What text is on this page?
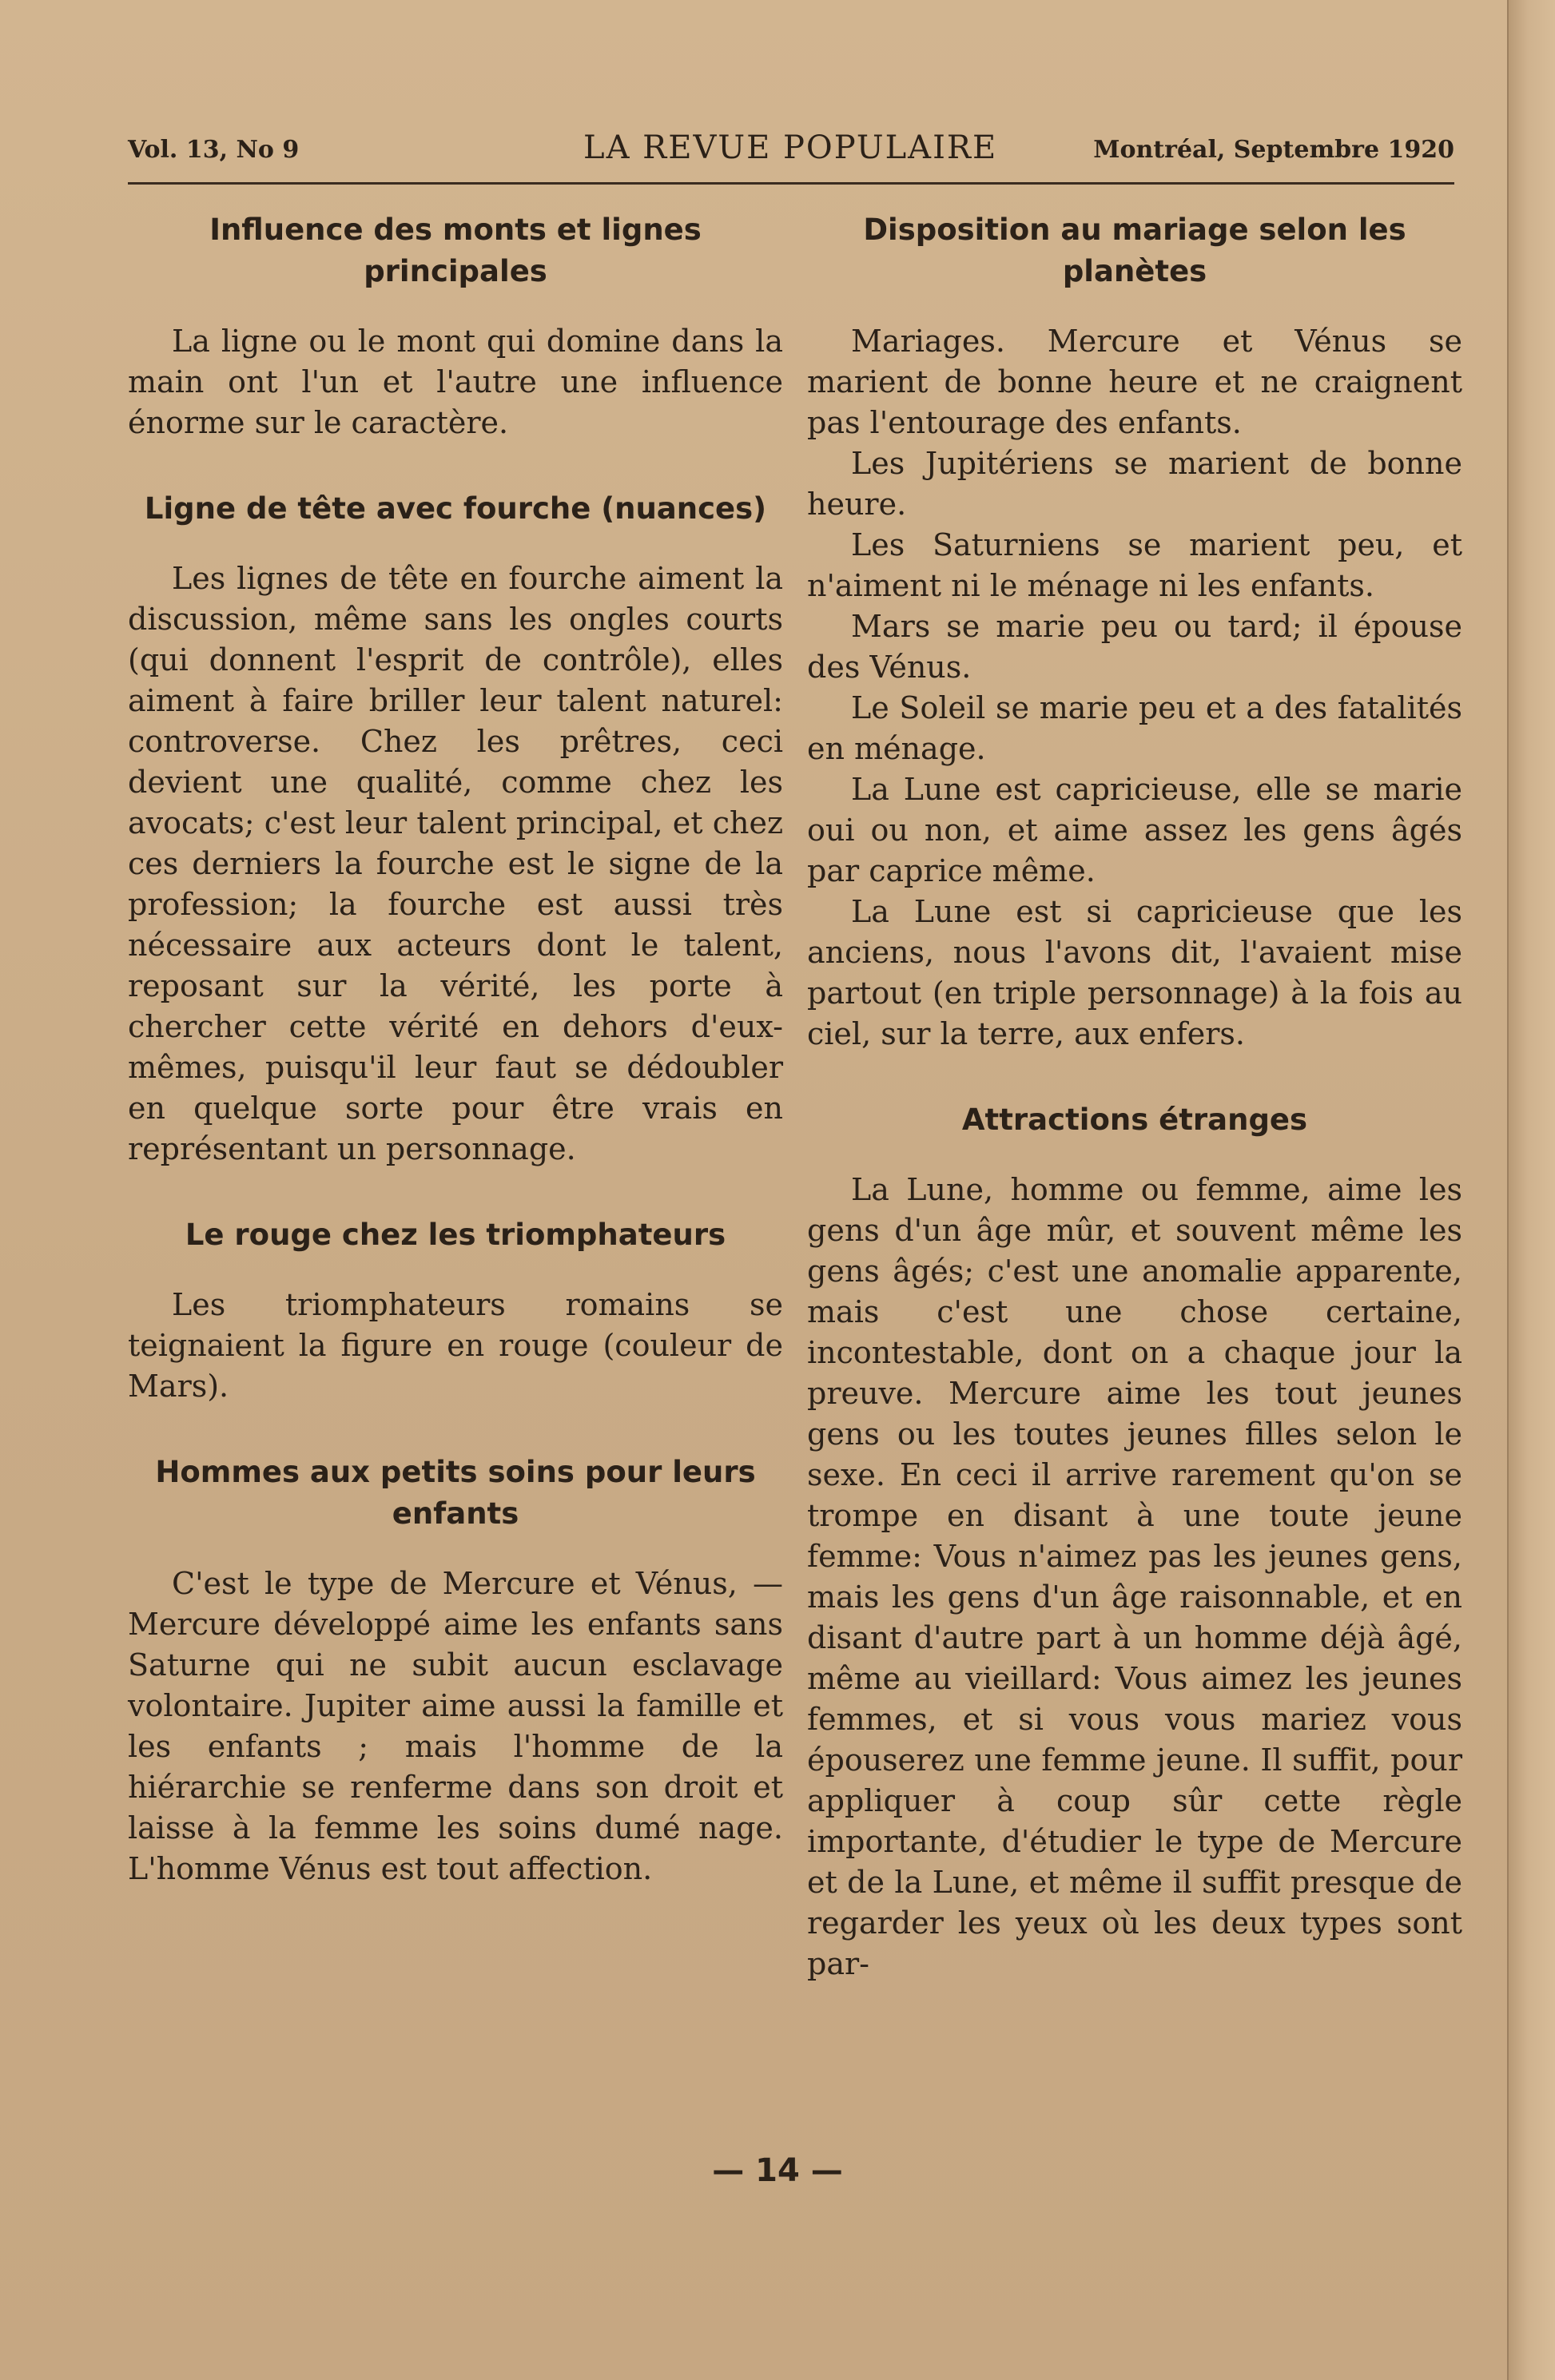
Vol. 13, No 9	LA REVUE POPULAIRE	Montréal, Septembre 1920
Influence des monts et lignes principales

La ligne ou le mont qui domine dans la main ont l'un et l'autre une influence énorme sur le caractère.

Ligne de tête avec fourche (nuances)

Les lignes de tête en fourche aiment la discussion, même sans les ongles courts (qui donnent l'esprit de contrôle), elles aiment à faire briller leur talent naturel: controverse. Chez les prêtres, ceci devient une qualité, comme chez les avocats; c'est leur talent principal, et chez ces derniers la fourche est le signe de la profession; la fourche est aussi très nécessaire aux acteurs dont le talent, reposant sur la vérité, les porte à chercher cette vérité en dehors d'eux-mêmes, puisqu'il leur faut se dédoubler en quelque sorte pour être vrais en représentant un personnage.

Le rouge chez les triomphateurs

Les triomphateurs romains se teignaient la figure en rouge (couleur de Mars).

Hommes aux petits soins pour leurs enfants

C'est le type de Mercure et Vénus, —Mercure développé aime les enfants sans Saturne qui ne subit aucun esclavage volontaire. Jupiter aime aussi la famille et les enfants ; mais l'homme de la hiérarchie se renferme dans son droit et laisse à la femme les soins dumé nage. L'homme Vénus est tout affection.

Disposition au mariage selon les planètes

Mariages. Mercure et Vénus se marient de bonne heure et ne craignent pas l'entourage des enfants.

Les Jupitériens se marient de bonne heure.

Les Saturniens se marient peu, et n'aiment ni le ménage ni les enfants.

Mars se marie peu ou tard; il épouse des Vénus.

Le Soleil se marie peu et a des fatalités en ménage.

La Lune est capricieuse, elle se marie oui ou non, et aime assez les gens âgés par caprice même.

La Lune est si capricieuse que les anciens, nous l'avons dit, l'avaient mise partout (en triple personnage) à la fois au ciel, sur la terre, aux enfers.

Attractions étranges

La Lune, homme ou femme, aime les gens d'un âge mûr, et souvent même les gens âgés; c'est une anomalie apparente, mais c'est une chose certaine, incontestable, dont on a chaque jour la preuve. Mercure aime les tout jeunes gens ou les toutes jeunes filles selon le sexe. En ceci il arrive rarement qu'on se trompe en disant à une toute jeune femme: Vous n'aimez pas les jeunes gens, mais les gens d'un âge raisonnable, et en disant d'autre part à un homme déjà âgé, même au vieillard: Vous aimez les jeunes femmes, et si vous vous mariez vous épouserez une femme jeune. Il suffit, pour appliquer à coup sûr cette règle importante, d'étudier le type de Mercure et de la Lune, et même il suffit presque de regarder les yeux où les deux types sont par-

— 14 —
